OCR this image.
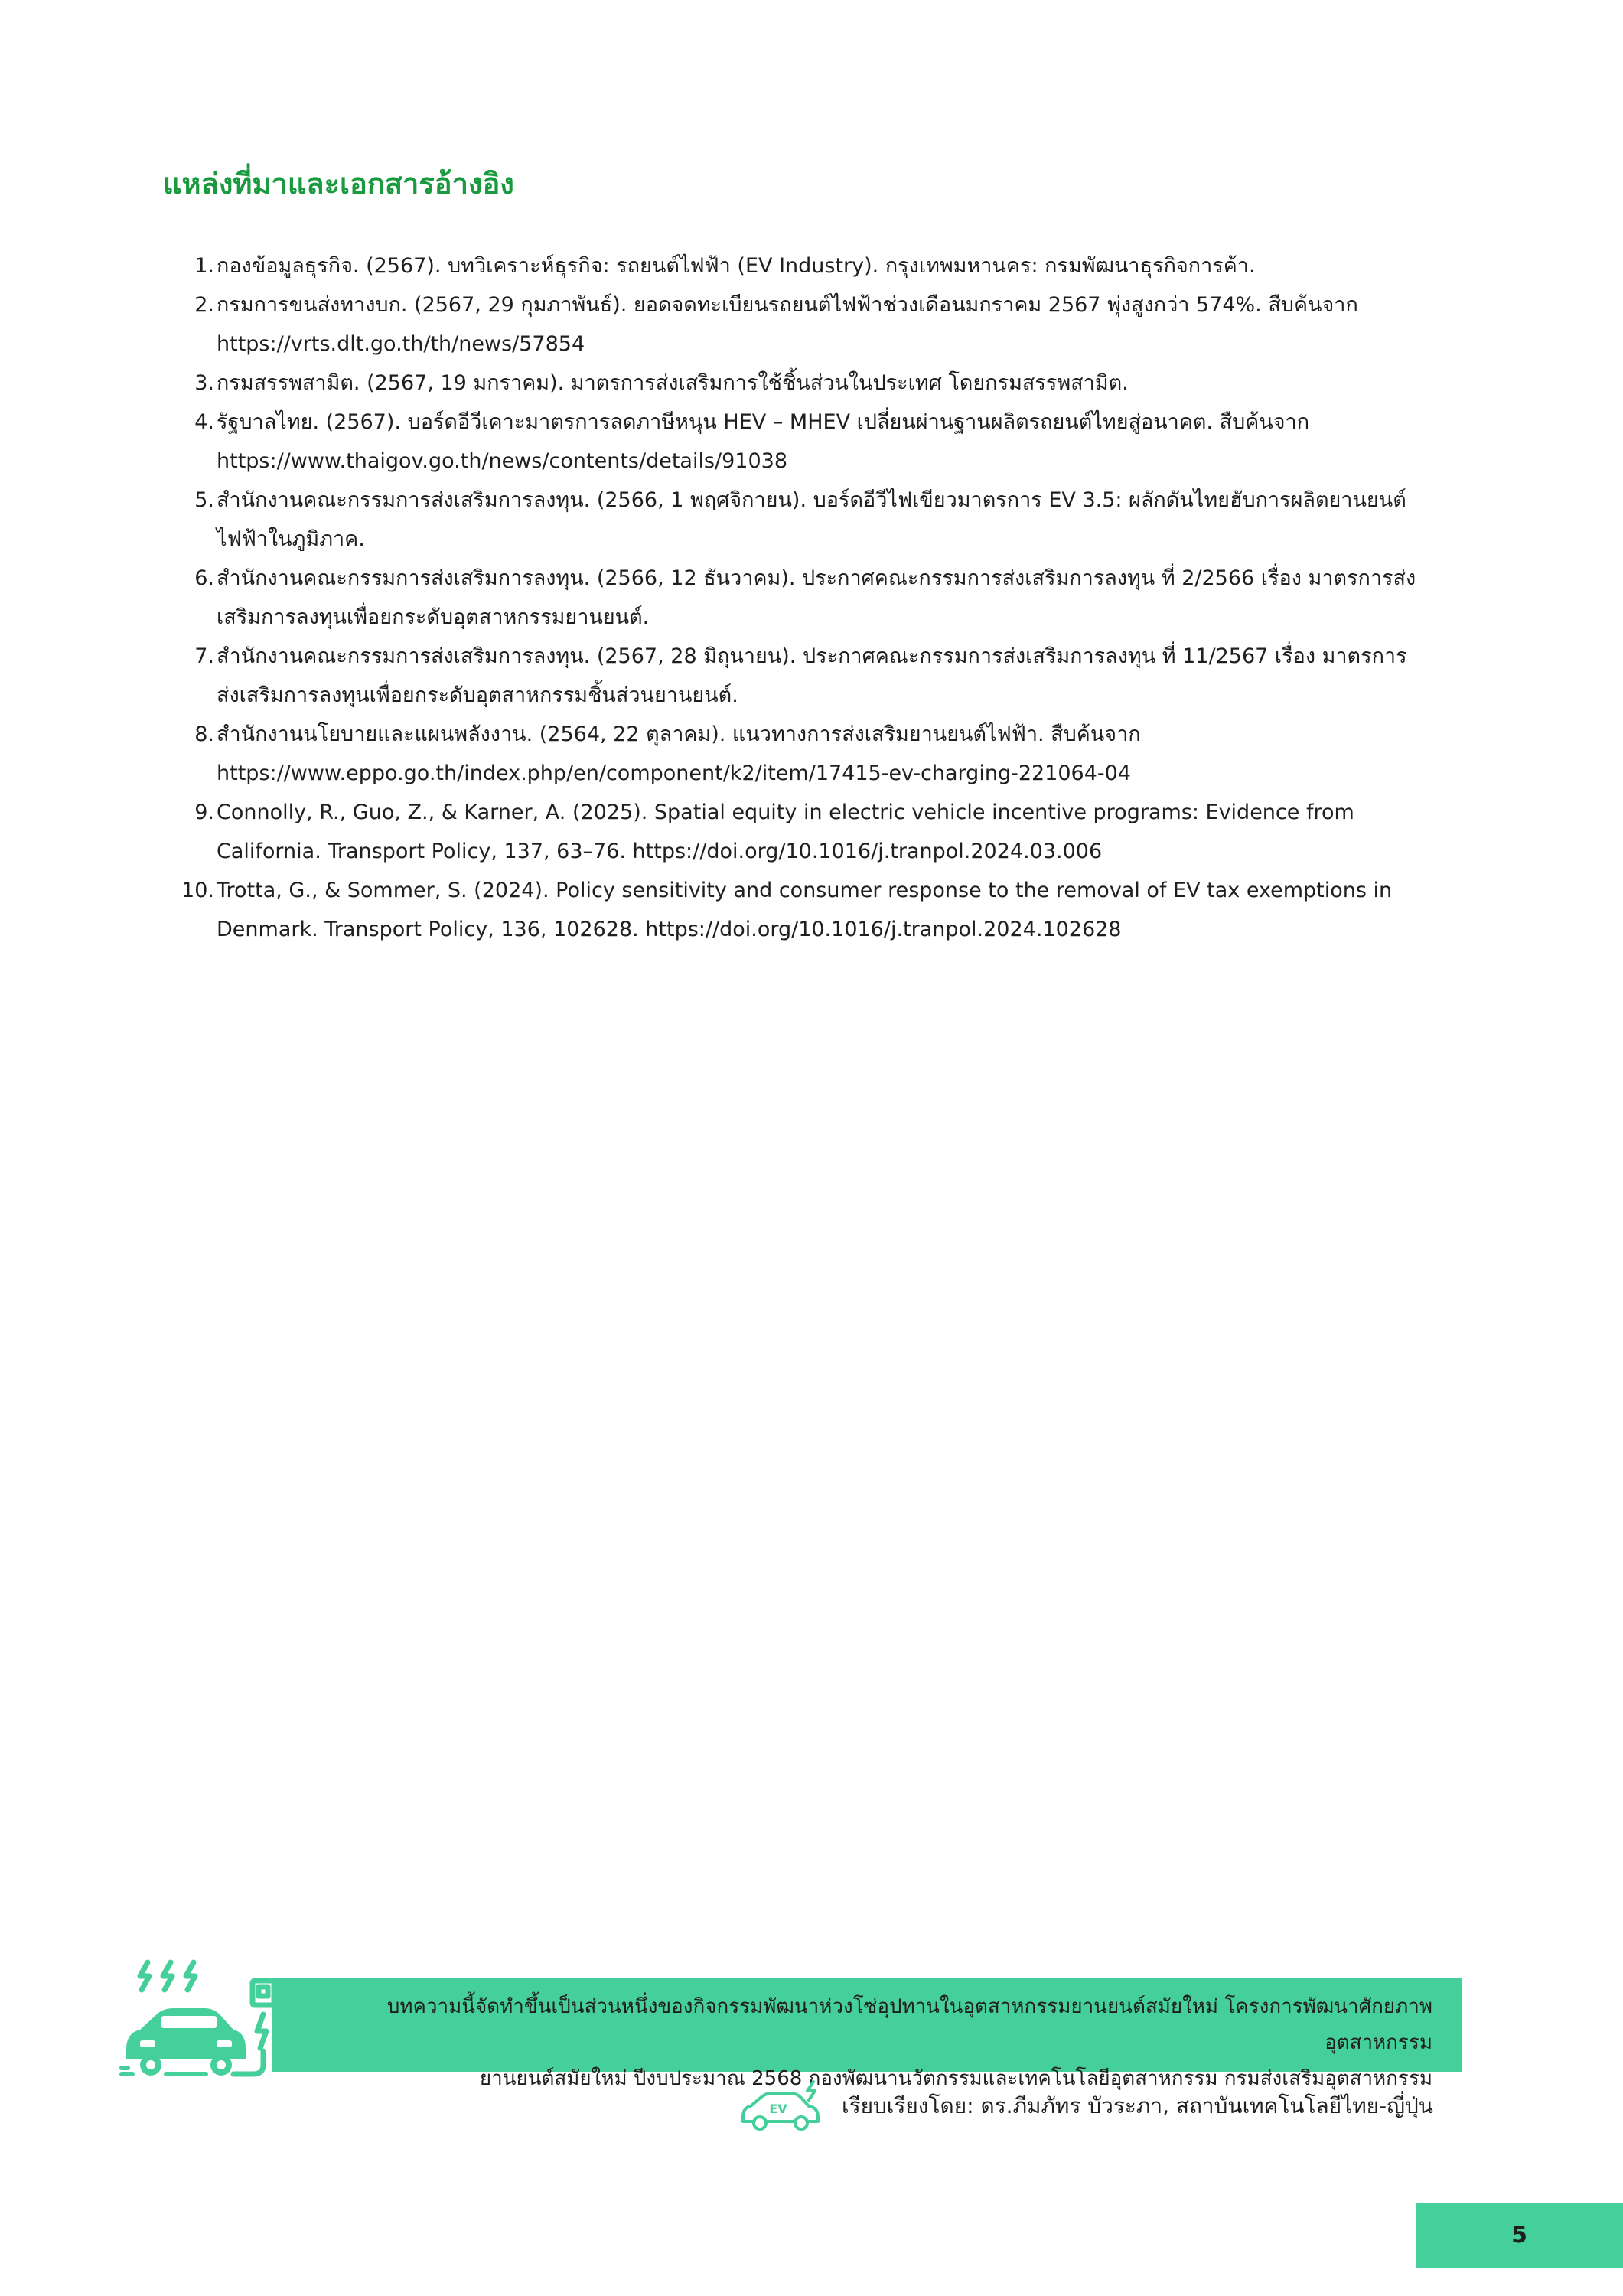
แหล่งที่มาและเอกสารอ้างอิง
1. กองข้อมูลธุรกิจ. (2567). บทวิเคราะห์ธุรกิจ: รถยนต์ไฟฟ้า (EV Industry). กรุงเทพมหานคร: กรมพัฒนาธุรกิจการค้า.
2. กรมการขนส่งทางบก. (2567, 29 กุมภาพันธ์). ยอดจดทะเบียนรถยนต์ไฟฟ้าช่วงเดือนมกราคม 2567 พุ่งสูงกว่า 574%. สืบค้นจาก
https://vrts.dlt.go.th/th/news/57854
3. กรมสรรพสามิต. (2567, 19 มกราคม). มาตรการส่งเสริมการใช้ชิ้นส่วนในประเทศ โดยกรมสรรพสามิต.
4. รัฐบาลไทย. (2567). บอร์ดอีวีเคาะมาตรการลดภาษีหนุน HEV – MHEV เปลี่ยนผ่านฐานผลิตรถยนต์ไทยสู่อนาคต. สืบค้นจาก
https://www.thaigov.go.th/news/contents/details/91038
5. สำนักงานคณะกรรมการส่งเสริมการลงทุน. (2566, 1 พฤศจิกายน). บอร์ดอีวีไฟเขียวมาตรการ EV 3.5: ผลักดันไทยฮับการผลิตยานยนต์
ไฟฟ้าในภูมิภาค.
6. สำนักงานคณะกรรมการส่งเสริมการลงทุน. (2566, 12 ธันวาคม). ประกาศคณะกรรมการส่งเสริมการลงทุน ที่ 2/2566 เรื่อง มาตรการส่ง
เสริมการลงทุนเพื่อยกระดับอุตสาหกรรมยานยนต์.
7. สำนักงานคณะกรรมการส่งเสริมการลงทุน. (2567, 28 มิถุนายน). ประกาศคณะกรรมการส่งเสริมการลงทุน ที่ 11/2567 เรื่อง มาตรการ
ส่งเสริมการลงทุนเพื่อยกระดับอุตสาหกรรมชิ้นส่วนยานยนต์.
8. สำนักงานนโยบายและแผนพลังงาน. (2564, 22 ตุลาคม). แนวทางการส่งเสริมยานยนต์ไฟฟ้า. สืบค้นจาก
https://www.eppo.go.th/index.php/en/component/k2/item/17415-ev-charging-221064-04
9. Connolly, R., Guo, Z., & Karner, A. (2025). Spatial equity in electric vehicle incentive programs: Evidence from
California. Transport Policy, 137, 63–76. https://doi.org/10.1016/j.tranpol.2024.03.006
10. Trotta, G., & Sommer, S. (2024). Policy sensitivity and consumer response to the removal of EV tax exemptions in
Denmark. Transport Policy, 136, 102628. https://doi.org/10.1016/j.tranpol.2024.102628
บทความนี้จัดทำขึ้นเป็นส่วนหนึ่งของกิจกรรมพัฒนาห่วงโซ่อุปทานในอุตสาหกรรมยานยนต์สมัยใหม่ โครงการพัฒนาศักยภาพอุตสาหกรรม
ยานยนต์สมัยใหม่ ปีงบประมาณ 2568 กองพัฒนานวัตกรรมและเทคโนโลยีอุตสาหกรรม กรมส่งเสริมอุตสาหกรรม
EV	เรียบเรียงโดย: ดร.ภีมภัทร บัวระภา, สถาบันเทคโนโลยีไทย-ญี่ปุ่น
5
